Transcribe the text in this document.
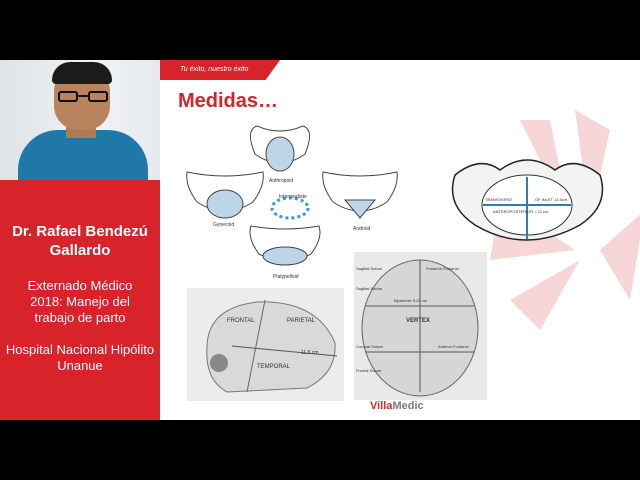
Dr. Rafael Bendezú Gallardo
Externado Médico 2018: Manejo del trabajo de parto
Hospital Nacional Hipólito Unanue
Tu éxito, nuestro éxito
Medidas…
Anthropoid
Gynecoid
Intermediate
Android
Platypelloid
TRANSVERSE	OF INLET 13.5cm
ANTEROPOSTERIOR = 11 cm
FRONTAL	PARIETAL
TEMPORAL
11.5 cm
Sagittal Suture	Posterior Fontanel
Sagittal Suture
Biparietal: 9.25 cm
VERTEX
Coronal Suture	Anterior Fontanel
Frontal Suture
VillaMedic
